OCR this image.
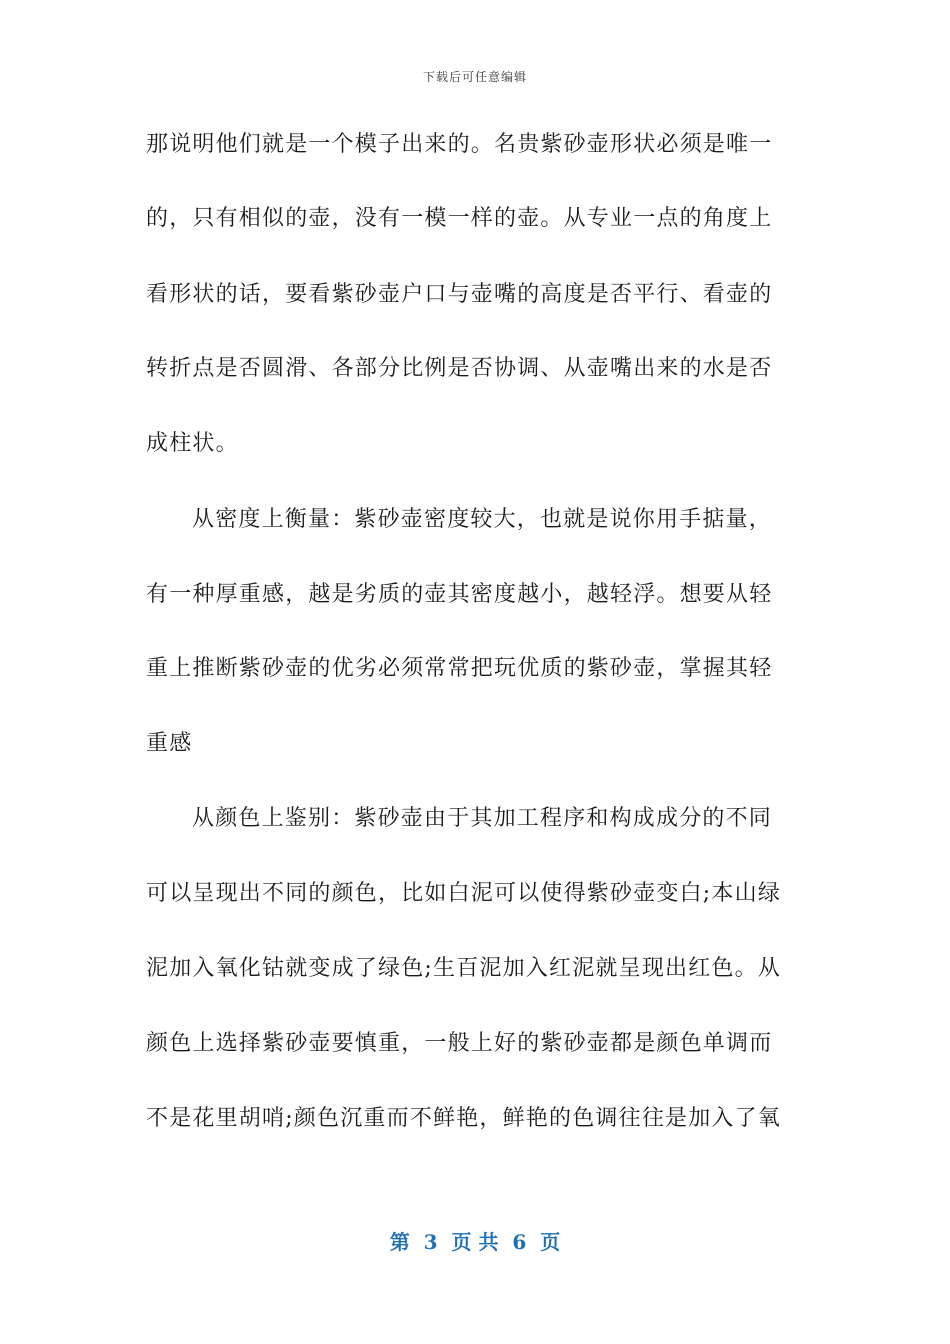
下载后可任意编辑
那说明他们就是一个模子出来的。名贵紫砂壶形状必须是唯一
的，只有相似的壶，没有一模一样的壶。从专业一点的角度上
看形状的话，要看紫砂壶户口与壶嘴的高度是否平行、看壶的
转折点是否圆滑、各部分比例是否协调、从壶嘴出来的水是否
成柱状。
从密度上衡量：紫砂壶密度较大，也就是说你用手掂量，
有一种厚重感，越是劣质的壶其密度越小，越轻浮。想要从轻
重上推断紫砂壶的优劣必须常常把玩优质的紫砂壶，掌握其轻
重感
从颜色上鉴别：紫砂壶由于其加工程序和构成成分的不同
可以呈现出不同的颜色，比如白泥可以使得紫砂壶变白;本山绿
泥加入氧化钴就变成了绿色;生百泥加入红泥就呈现出红色。从
颜色上选择紫砂壶要慎重，一般上好的紫砂壶都是颜色单调而
不是花里胡哨;颜色沉重而不鲜艳，鲜艳的色调往往是加入了氧
第  3  页 共  6  页
